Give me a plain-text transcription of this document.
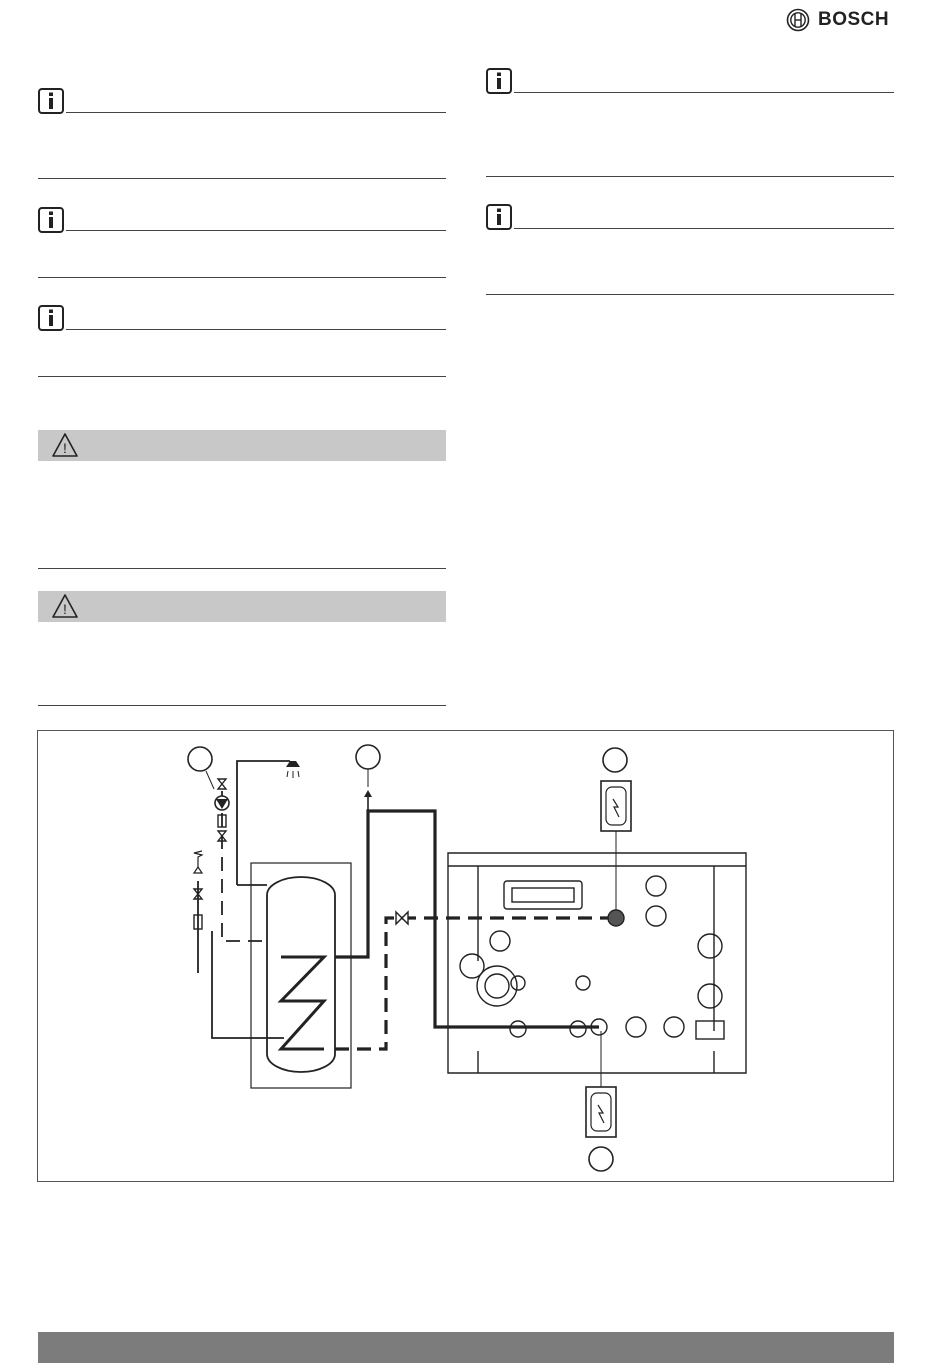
BOSCH
!
!
